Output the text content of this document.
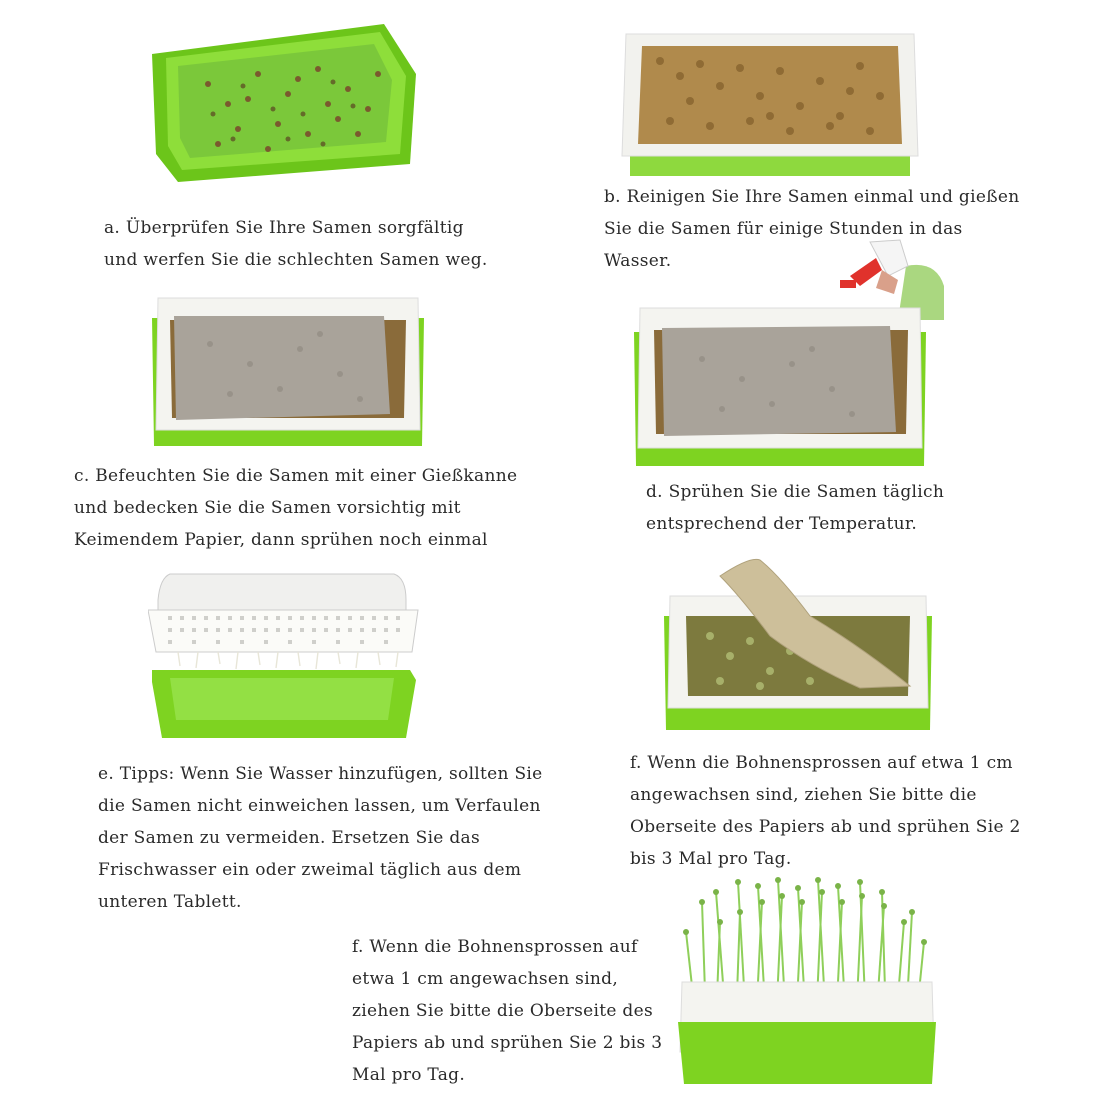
a. Überprüfen Sie Ihre Samen sorgfältig
und werfen Sie die schlechten Samen weg.
b. Reinigen Sie Ihre Samen einmal und gießen
Sie die Samen für einige Stunden in das
Wasser.
c. Befeuchten Sie die Samen mit einer Gießkanne
und bedecken Sie die Samen vorsichtig mit
Keimendem Papier, dann sprühen noch einmal
d. Sprühen Sie die Samen täglich
entsprechend der Temperatur.
e. Tipps: Wenn Sie Wasser hinzufügen, sollten Sie
die Samen nicht einweichen lassen, um Verfaulen
der Samen zu vermeiden. Ersetzen Sie das
Frischwasser ein oder zweimal täglich aus dem
unteren Tablett.
f. Wenn die Bohnensprossen auf etwa 1 cm
angewachsen sind, ziehen Sie bitte die
Oberseite des Papiers ab und sprühen Sie 2
bis 3 Mal pro Tag.
f. Wenn die Bohnensprossen auf
etwa 1 cm angewachsen sind,
ziehen Sie bitte die Oberseite des
Papiers ab und sprühen Sie 2 bis 3
Mal pro Tag.
